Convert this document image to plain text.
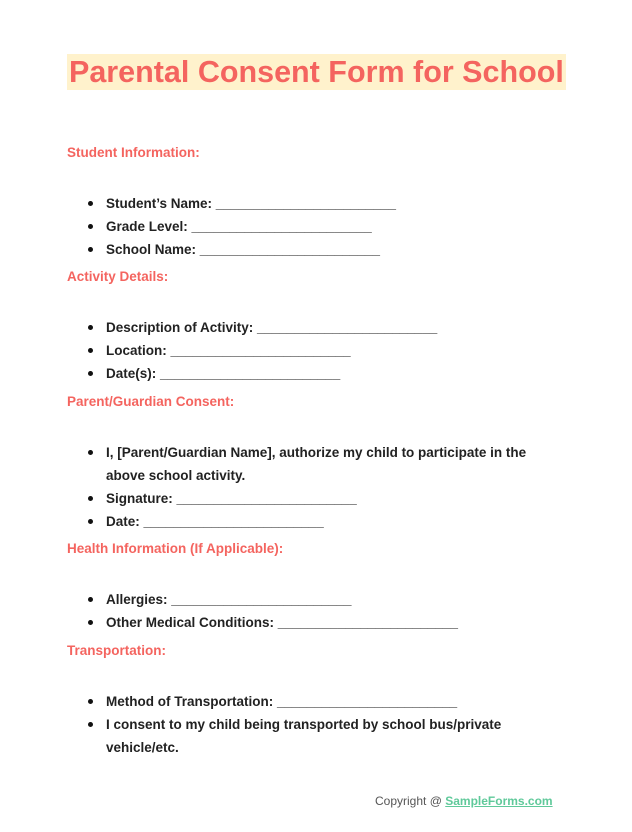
Parental Consent Form for School
Student Information:
Student’s Name: ________________________
Grade Level: ________________________
School Name: ________________________
Activity Details:
Description of Activity: ________________________
Location: ________________________
Date(s): ________________________
Parent/Guardian Consent:
I, [Parent/Guardian Name], authorize my child to participate in the above school activity.
Signature: ________________________
Date: ________________________
Health Information (If Applicable):
Allergies: ________________________
Other Medical Conditions: ________________________
Transportation:
Method of Transportation: ________________________
I consent to my child being transported by school bus/private vehicle/etc.
Copyright @ SampleForms.com
